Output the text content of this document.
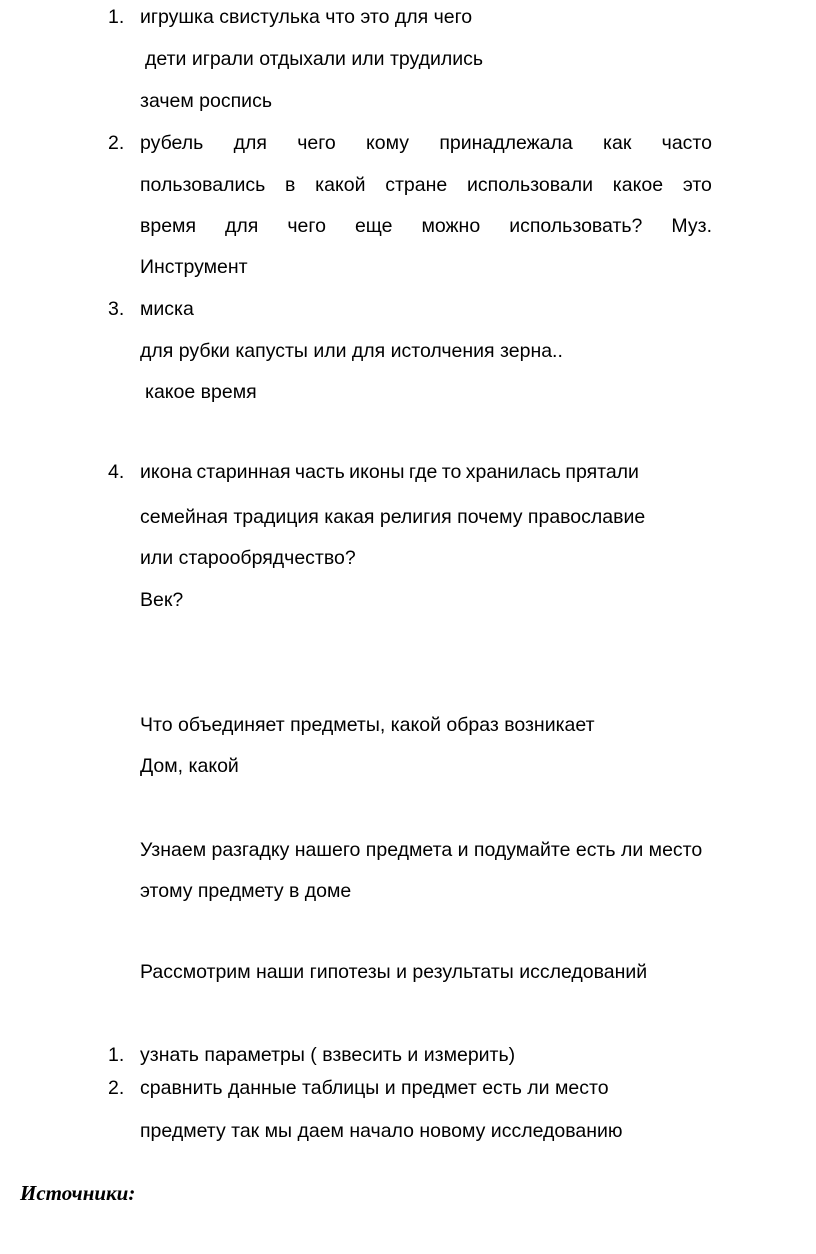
1. игрушка свистулька что это для чего
дети играли отдыхали или трудились
зачем роспись
2. рубель для чего кому принадлежала как часто
пользовались в какой стране использовали какое это
время для чего еще можно использовать? Муз.
Инструмент
3. миска
для рубки капусты или для истолчения зерна..
какое время
4. икона старинная часть иконы где то хранилась прятали
семейная традиция какая религия почему православие
или старообрядчество?
Век?
Что объединяет предметы, какой образ возникает
Дом, какой
Узнаем разгадку нашего предмета и подумайте есть ли место
этому предмету в доме
Рассмотрим наши гипотезы и результаты исследований
1. узнать параметры ( взвесить и измерить)
2. сравнить данные таблицы и предмет есть ли место
предмету так мы даем начало новому исследованию
Источники:
